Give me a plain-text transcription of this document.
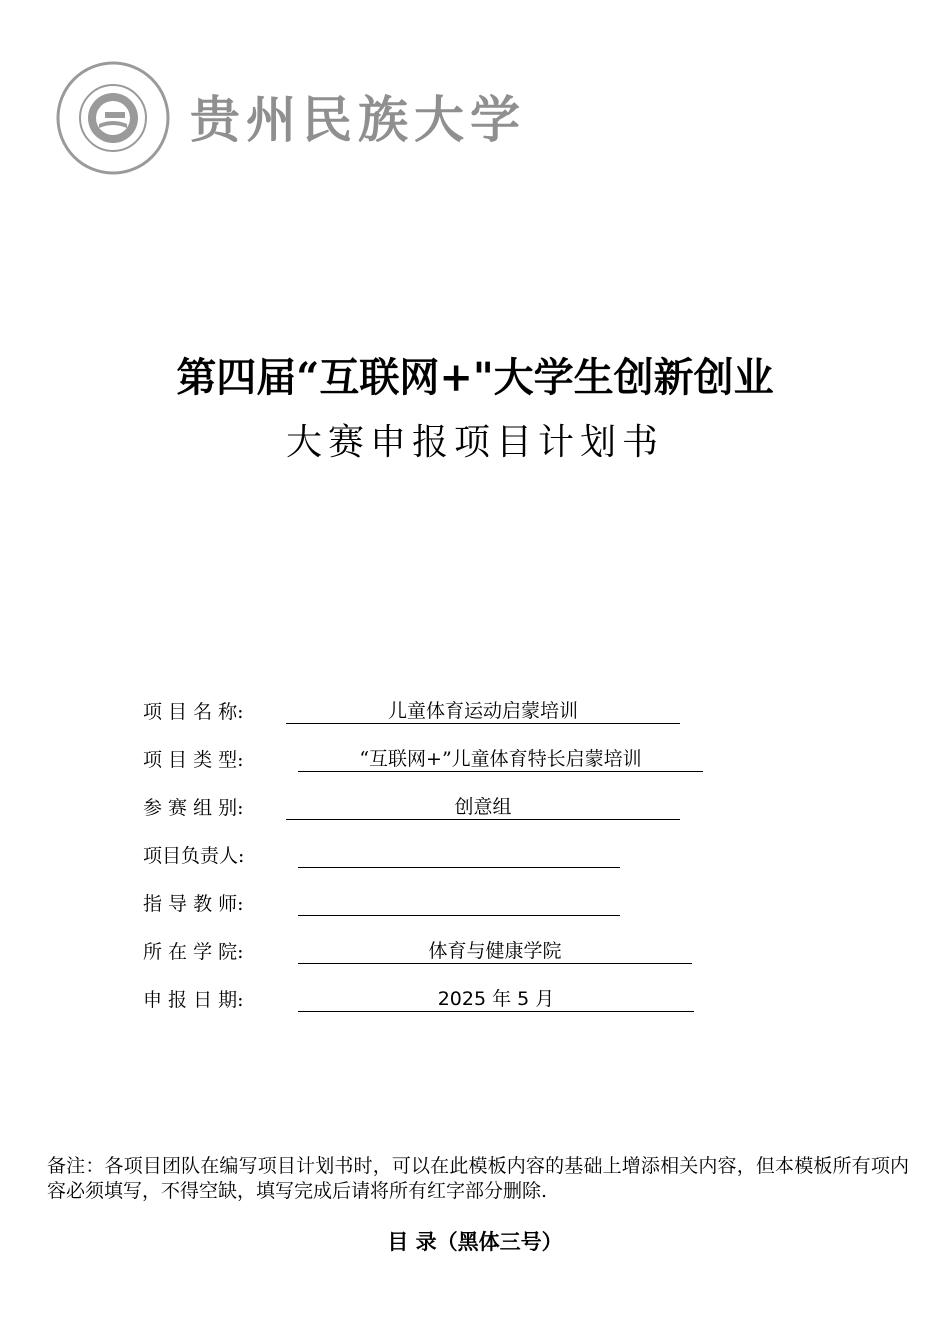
贵州民族大学
第四届“互联网+"大学生创新创业
大赛申报项目计划书
项 目 名 称:	儿童体育运动启蒙培训
项 目 类 型:	“互联网+”儿童体育特长启蒙培训
参 赛 组 别:	创意组
项目负责人:
指 导 教 师:
所 在 学 院:	体育与健康学院
申 报 日 期:	2025 年 5 月
备注：各项目团队在编写项目计划书时，可以在此模板内容的基础上增添相关内容，但本模板所有项内容必须填写，不得空缺，填写完成后请将所有红字部分删除.
目 录（黑体三号）
